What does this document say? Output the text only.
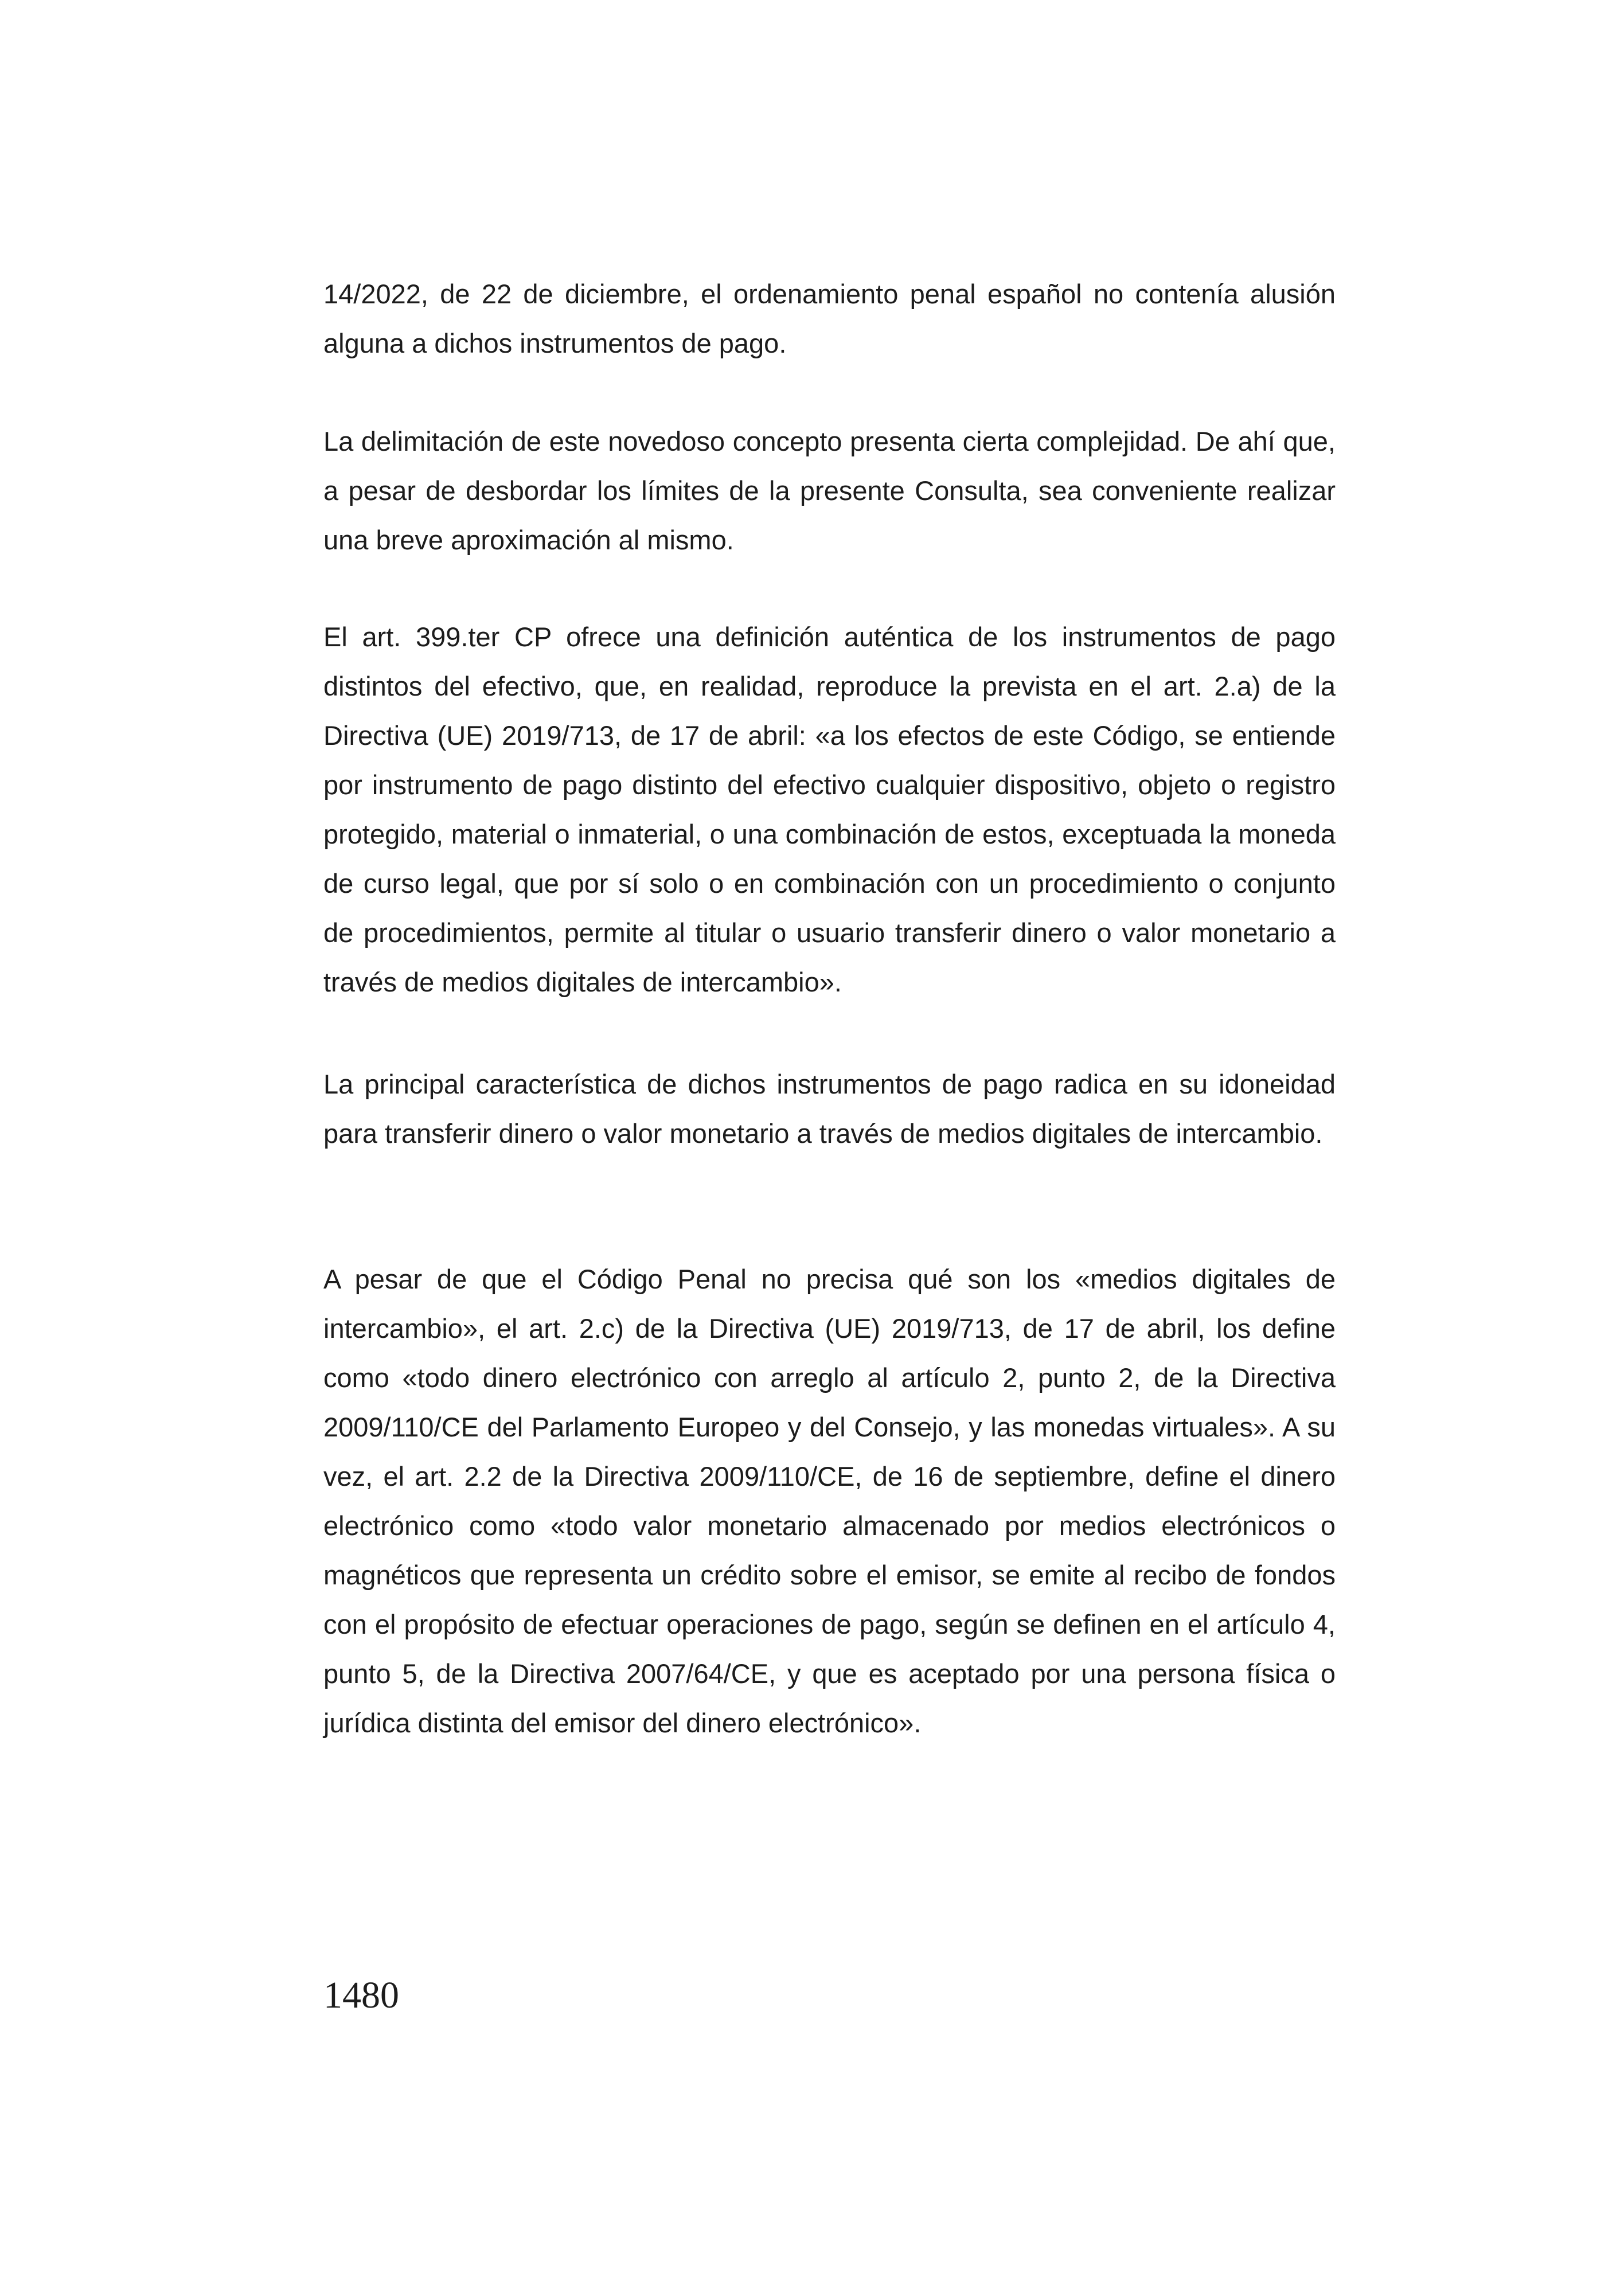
14/2022, de 22 de diciembre, el ordenamiento penal español no contenía alusión alguna a dichos instrumentos de pago.

La delimitación de este novedoso concepto presenta cierta complejidad. De ahí que, a pesar de desbordar los límites de la presente Consulta, sea conveniente realizar una breve aproximación al mismo.

El art. 399.ter CP ofrece una definición auténtica de los instrumentos de pago distintos del efectivo, que, en realidad, reproduce la prevista en el art. 2.a) de la Directiva (UE) 2019/713, de 17 de abril: «a los efectos de este Código, se entiende por instrumento de pago distinto del efectivo cualquier dispositivo, objeto o registro protegido, material o inmaterial, o una combinación de estos, exceptuada la moneda de curso legal, que por sí solo o en combinación con un procedimiento o conjunto de procedimientos, permite al titular o usuario transferir dinero o valor monetario a través de medios digitales de intercambio».

La principal característica de dichos instrumentos de pago radica en su idoneidad para transferir dinero o valor monetario a través de medios digitales de intercambio.

A pesar de que el Código Penal no precisa qué son los «medios digitales de intercambio», el art. 2.c) de la Directiva (UE) 2019/713, de 17 de abril, los define como «todo dinero electrónico con arreglo al artículo 2, punto 2, de la Directiva 2009/110/CE del Parlamento Europeo y del Consejo, y las monedas virtuales». A su vez, el art. 2.2 de la Directiva 2009/110/CE, de 16 de septiembre, define el dinero electrónico como «todo valor monetario almacenado por medios electrónicos o magnéticos que representa un crédito sobre el emisor, se emite al recibo de fondos con el propósito de efectuar operaciones de pago, según se definen en el artículo 4, punto 5, de la Directiva 2007/64/CE, y que es aceptado por una persona física o jurídica distinta del emisor del dinero electrónico».

1480
